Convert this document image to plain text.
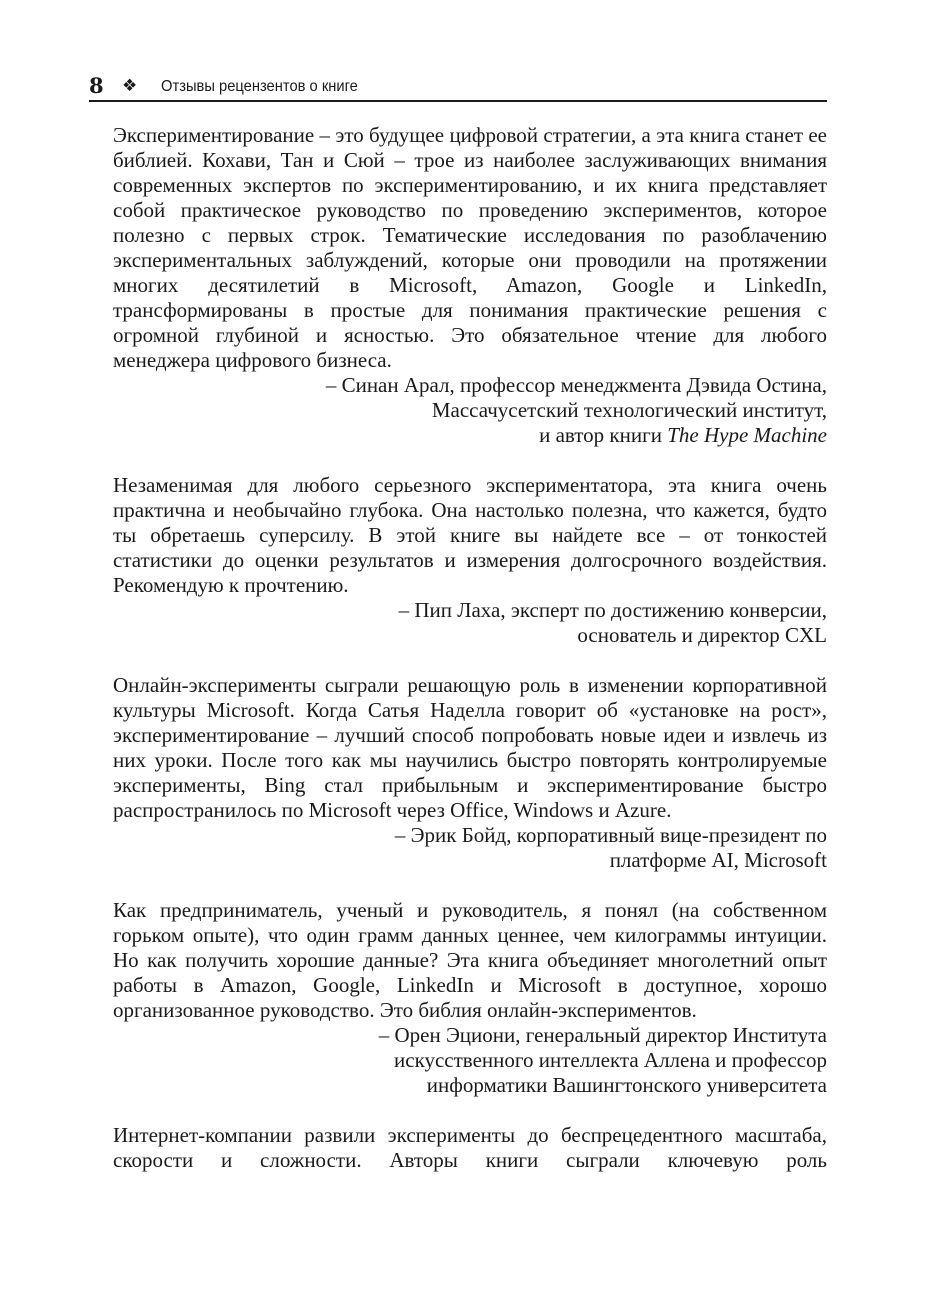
8 ❖ Отзывы рецензентов о книге

Экспериментирование – это будущее цифровой стратегии, а эта книга станет ее библией. Кохави, Тан и Сюй – трое из наиболее заслуживающих внимания современных экспертов по экспериментированию, и их книга представляет собой практическое руководство по проведению экспериментов, которое полезно с первых строк. Тематические исследования по разоблачению экспериментальных заблуждений, которые они проводили на протяжении многих десятилетий в Microsoft, Amazon, Google и LinkedIn, трансформированы в простые для понимания практические решения с огромной глубиной и ясностью. Это обязательное чтение для любого менеджера цифрового бизнеса.

– Синан Арал, профессор менеджмента Дэвида Остина,
Массачусетский технологический институт,
и автор книги The Hype Machine

Незаменимая для любого серьезного экспериментатора, эта книга очень практична и необычайно глубока. Она настолько полезна, что кажется, будто ты обретаешь суперсилу. В этой книге вы найдете все – от тонкостей статистики до оценки результатов и измерения долгосрочного воздействия. Рекомендую к прочтению.

– Пип Лаха, эксперт по достижению конверсии,
основатель и директор CXL

Онлайн-эксперименты сыграли решающую роль в изменении корпоративной культуры Microsoft. Когда Сатья Наделла говорит об «установке на рост», экспериментирование – лучший способ попробовать новые идеи и извлечь из них уроки. После того как мы научились быстро повторять контролируемые эксперименты, Bing стал прибыльным и экспериментирование быстро распространилось по Microsoft через Office, Windows и Azure.

– Эрик Бойд, корпоративный вице-президент по
платформе AI, Microsoft

Как предприниматель, ученый и руководитель, я понял (на собственном горьком опыте), что один грамм данных ценнее, чем килограммы интуиции. Но как получить хорошие данные? Эта книга объединяет многолетний опыт работы в Amazon, Google, LinkedIn и Microsoft в доступное, хорошо организованное руководство. Это библия онлайн-экспериментов.

– Орен Эциони, генеральный директор Института
искусственного интеллекта Аллена и профессор
информатики Вашингтонского университета

Интернет-компании развили эксперименты до беспрецедентного масштаба, скорости и сложности. Авторы книги сыграли ключевую роль
